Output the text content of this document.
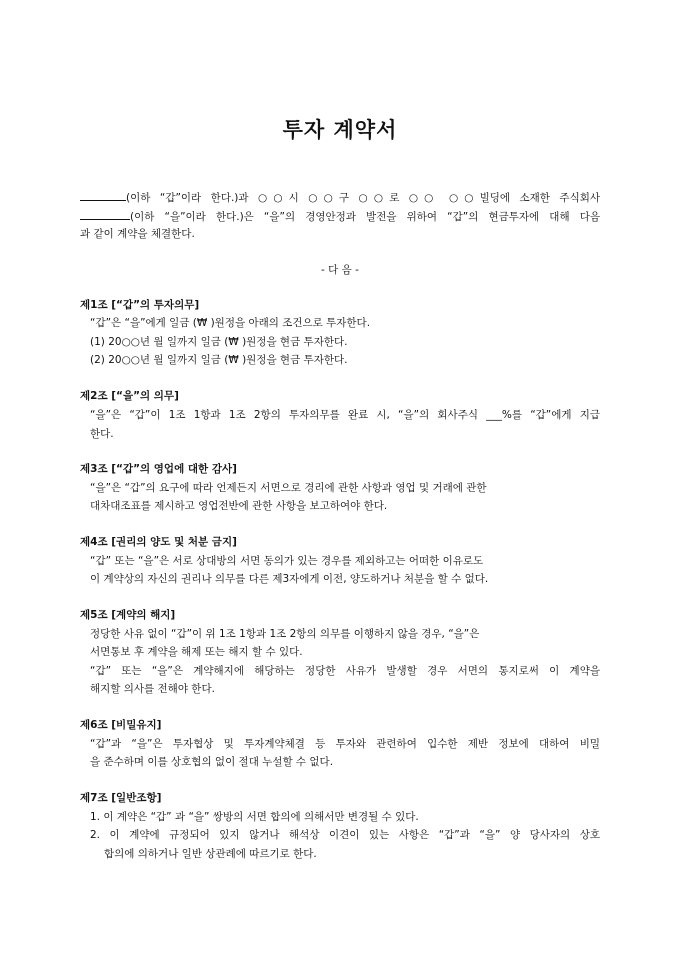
투자 계약서
(이하 “갑”이라 한다.)과 ○○시 ○○구 ○○로 ○○ ○○빌딩에 소재한 주식회사
(이하 “을”이라 한다.)은 “을”의 경영안정과 발전을 위하여 “갑”의 현금투자에 대해 다음
과 같이 계약을 체결한다.
- 다 음 -
제1조 [“갑”의 투자의무]
“갑”은 “을”에게 일금 (₩ )원정을 아래의 조건으로 투자한다.
(1) 20○○년 월 일까지 일금 (₩ )원정을 현금 투자한다.
(2) 20○○년 월 일까지 일금 (₩ )원정을 현금 투자한다.
제2조 [“을”의 의무]
“을”은 “갑”이 1조 1항과 1조 2항의 투자의무를 완료 시, “을”의 회사주식 ___%를 “갑”에게 지급
한다.
제3조 [“갑”의 영업에 대한 감사]
“을”은 “갑”의 요구에 따라 언제든지 서면으로 경리에 관한 사항과 영업 및 거래에 관한
대차대조표를 제시하고 영업전반에 관한 사항을 보고하여야 한다.
제4조 [권리의 양도 및 처분 금지]
“갑” 또는 “을”은 서로 상대방의 서면 동의가 있는 경우를 제외하고는 어떠한 이유로도
이 계약상의 자신의 권리나 의무를 다른 제3자에게 이전, 양도하거나 처분을 할 수 없다.
제5조 [계약의 해지]
정당한 사유 없이 “갑”이 위 1조 1항과 1조 2항의 의무를 이행하지 않을 경우, “을”은
서면통보 후 계약을 해제 또는 해지 할 수 있다.
“갑” 또는 “을”은 계약해지에 해당하는 정당한 사유가 발생할 경우 서면의 통지로써 이 계약을
해지할 의사를 전해야 한다.
제6조 [비밀유지]
“갑”과 “을”은 투자협상 및 투자계약체결 등 투자와 관련하여 입수한 제반 정보에 대하여 비밀
을 준수하며 이를 상호협의 없이 절대 누설할 수 없다.
제7조 [일반조항]
1. 이 계약은 “갑” 과 “을” 쌍방의 서면 합의에 의해서만 변경될 수 있다.
2. 이 계약에 규정되어 있지 않거나 해석상 이견이 있는 사항은 “갑”과 “을” 양 당사자의 상호
합의에 의하거나 일반 상관례에 따르기로 한다.
